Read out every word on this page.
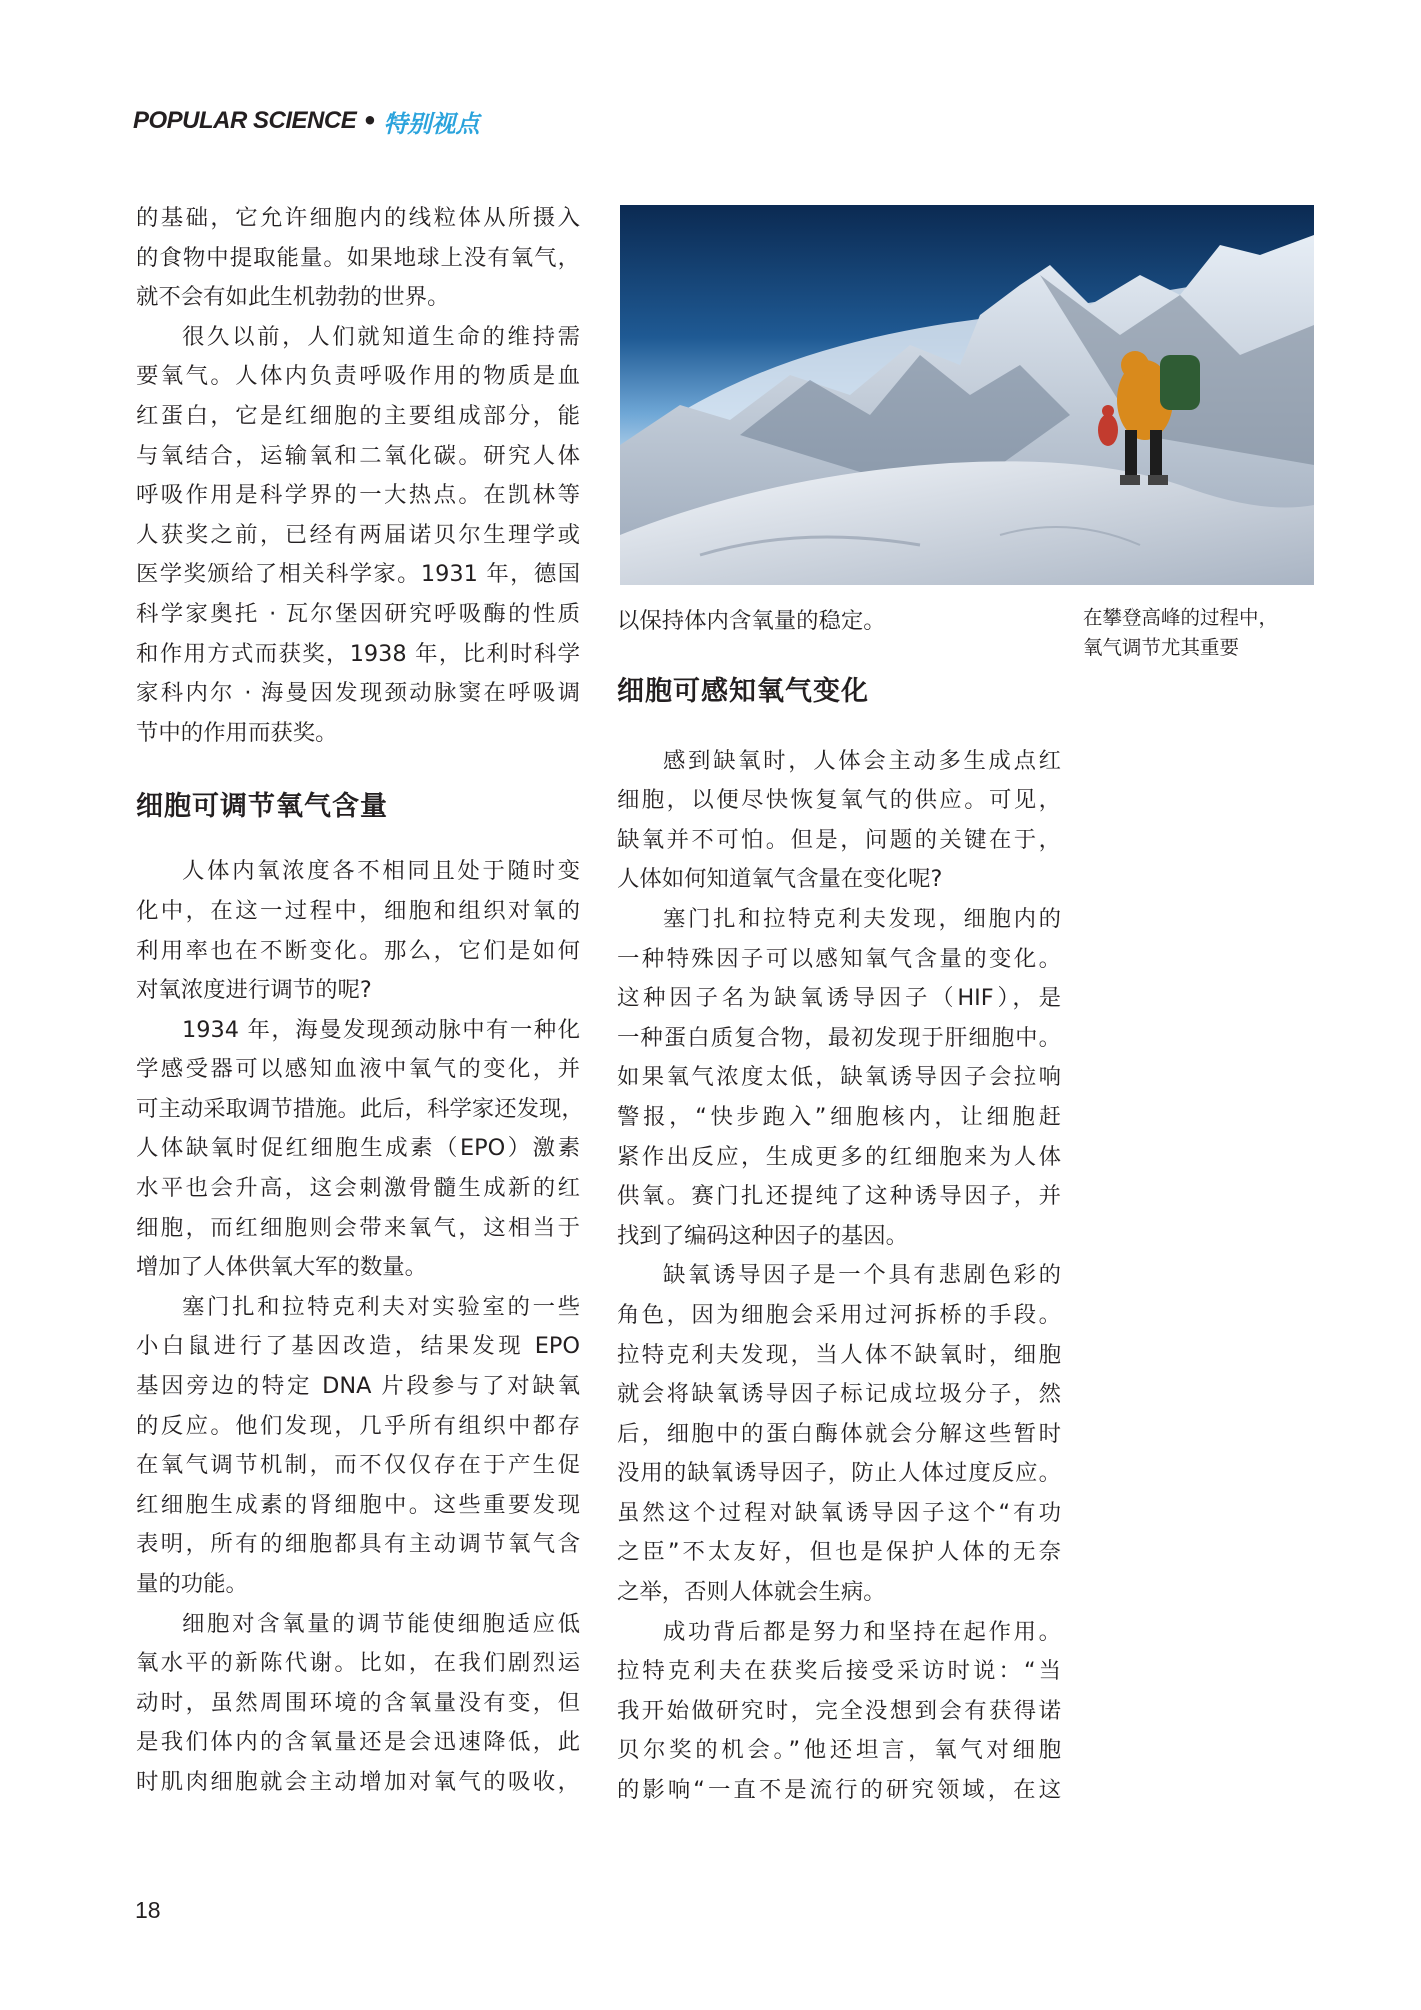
POPULAR SCIENCE • 特别视点
的基础，它允许细胞内的线粒体从所摄入
的食物中提取能量。如果地球上没有氧气，
就不会有如此生机勃勃的世界。
很久以前，人们就知道生命的维持需
要氧气。人体内负责呼吸作用的物质是血
红蛋白，它是红细胞的主要组成部分，能
与氧结合，运输氧和二氧化碳。研究人体
呼吸作用是科学界的一大热点。在凯林等
人获奖之前，已经有两届诺贝尔生理学或
医学奖颁给了相关科学家。1931 年，德国
科学家奥托 · 瓦尔堡因研究呼吸酶的性质
和作用方式而获奖，1938 年，比利时科学
家科内尔 · 海曼因发现颈动脉窦在呼吸调
节中的作用而获奖。
细胞可调节氧气含量
人体内氧浓度各不相同且处于随时变
化中，在这一过程中，细胞和组织对氧的
利用率也在不断变化。那么，它们是如何
对氧浓度进行调节的呢?
1934 年，海曼发现颈动脉中有一种化
学感受器可以感知血液中氧气的变化，并
可主动采取调节措施。此后，科学家还发现，
人体缺氧时促红细胞生成素（EPO）激素
水平也会升高，这会刺激骨髓生成新的红
细胞，而红细胞则会带来氧气，这相当于
增加了人体供氧大军的数量。
塞门扎和拉特克利夫对实验室的一些
小白鼠进行了基因改造，结果发现 EPO
基因旁边的特定 DNA 片段参与了对缺氧
的反应。他们发现，几乎所有组织中都存
在氧气调节机制，而不仅仅存在于产生促
红细胞生成素的肾细胞中。这些重要发现
表明，所有的细胞都具有主动调节氧气含
量的功能。
细胞对含氧量的调节能使细胞适应低
氧水平的新陈代谢。比如，在我们剧烈运
动时，虽然周围环境的含氧量没有变，但
是我们体内的含氧量还是会迅速降低，此
时肌肉细胞就会主动增加对氧气的吸收，
以保持体内含氧量的稳定。
细胞可感知氧气变化
感到缺氧时，人体会主动多生成点红
细胞，以便尽快恢复氧气的供应。可见，
缺氧并不可怕。但是，问题的关键在于，
人体如何知道氧气含量在变化呢?
塞门扎和拉特克利夫发现，细胞内的
一种特殊因子可以感知氧气含量的变化。
这种因子名为缺氧诱导因子（HIF），是
一种蛋白质复合物，最初发现于肝细胞中。
如果氧气浓度太低，缺氧诱导因子会拉响
警报，“快步跑入”细胞核内，让细胞赶
紧作出反应，生成更多的红细胞来为人体
供氧。赛门扎还提纯了这种诱导因子，并
找到了编码这种因子的基因。
缺氧诱导因子是一个具有悲剧色彩的
角色，因为细胞会采用过河拆桥的手段。
拉特克利夫发现，当人体不缺氧时，细胞
就会将缺氧诱导因子标记成垃圾分子，然
后，细胞中的蛋白酶体就会分解这些暂时
没用的缺氧诱导因子，防止人体过度反应。
虽然这个过程对缺氧诱导因子这个“有功
之臣”不太友好，但也是保护人体的无奈
之举，否则人体就会生病。
成功背后都是努力和坚持在起作用。
拉特克利夫在获奖后接受采访时说：“当
我开始做研究时，完全没想到会有获得诺
贝尔奖的机会。”他还坦言，氧气对细胞
的影响“一直不是流行的研究领域，在这
在攀登高峰的过程中，
氧气调节尤其重要
18
